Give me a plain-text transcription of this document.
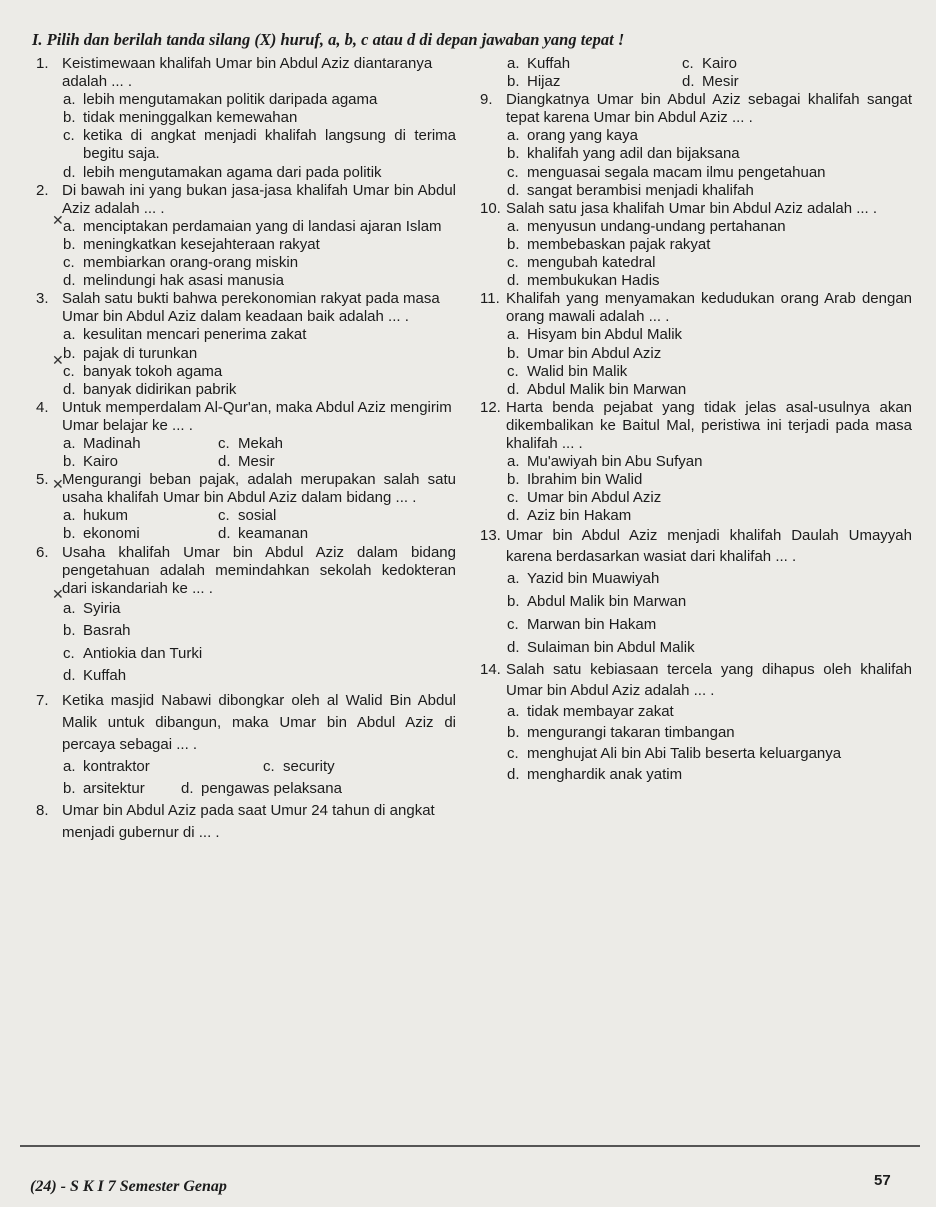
I. Pilih dan berilah tanda silang (X) huruf, a, b, c atau d di depan jawaban yang tepat !
1. Keistimewaan khalifah Umar bin Abdul Aziz diantaranya adalah ... .
a. lebih mengutamakan politik daripada agama
b. tidak meninggalkan kemewahan
c. ketika di angkat menjadi khalifah langsung di terima begitu saja.
d. lebih mengutamakan agama dari pada politik
2. Di bawah ini yang bukan jasa-jasa khalifah Umar bin Abdul Aziz adalah ... .
a. menciptakan perdamaian yang di landasi ajaran Islam
b. meningkatkan kesejahteraan rakyat
c. membiarkan orang-orang miskin
d. melindungi hak asasi manusia
3. Salah satu bukti bahwa perekonomian rakyat pada masa Umar bin Abdul Aziz dalam keadaan baik adalah ... .
a. kesulitan mencari penerima zakat
b. pajak di turunkan
c. banyak tokoh agama
d. banyak didirikan pabrik
4. Untuk memperdalam Al-Qur'an, maka Abdul Aziz mengirim Umar belajar ke ... .
a. Madinah	c. Mekah
b. Kairo	d. Mesir
5. Mengurangi beban pajak, adalah merupakan salah satu usaha khalifah Umar bin Abdul Aziz dalam bidang ... .
a. hukum	c. sosial
b. ekonomi	d. keamanan
6. Usaha khalifah Umar bin Abdul Aziz dalam bidang pengetahuan adalah memindahkan sekolah kedokteran dari iskandariah ke ... .
a. Syiria
b. Basrah
c. Antiokia dan Turki
d. Kuffah
7. Ketika masjid Nabawi dibongkar oleh al Walid Bin Abdul Malik untuk dibangun, maka Umar bin Abdul Aziz di percaya sebagai ... .
a. kontraktor	c. security
b. arsitektur	d. pengawas pelaksana
8. Umar bin Abdul Aziz pada saat Umur 24 tahun di angkat menjadi gubernur di ... .
a. Kuffah	c. Kairo
b. Hijaz	d. Mesir
9. Diangkatnya Umar bin Abdul Aziz sebagai khalifah sangat tepat karena Umar bin Abdul Aziz ... .
a. orang yang kaya
b. khalifah yang adil dan bijaksana
c. menguasai segala macam ilmu pengetahuan
d. sangat berambisi menjadi khalifah
10. Salah satu jasa khalifah Umar bin Abdul Aziz adalah ... .
a. menyusun undang-undang pertahanan
b. membebaskan pajak rakyat
c. mengubah katedral
d. membukukan Hadis
11. Khalifah yang menyamakan kedudukan orang Arab dengan orang mawali adalah ... .
a. Hisyam bin Abdul Malik
b. Umar bin Abdul Aziz
c. Walid bin Malik
d. Abdul Malik bin Marwan
12. Harta benda pejabat yang tidak jelas asal-usulnya akan dikembalikan ke Baitul Mal, peristiwa ini terjadi pada masa khalifah ... .
a. Mu'awiyah bin Abu Sufyan
b. Ibrahim bin Walid
c. Umar bin Abdul Aziz
d. Aziz bin Hakam
13. Umar bin Abdul Aziz menjadi khalifah Daulah Umayyah karena berdasarkan wasiat dari khalifah ... .
a. Yazid bin Muawiyah
b. Abdul Malik bin Marwan
c. Marwan bin Hakam
d. Sulaiman bin Abdul Malik
14. Salah satu kebiasaan tercela yang dihapus oleh khalifah Umar bin Abdul Aziz adalah ... .
a. tidak membayar zakat
b. mengurangi takaran timbangan
c. menghujat Ali bin Abi Talib beserta keluarganya
d. menghardik anak yatim
✕
✕
✕
✕
(24) - S K I 7 Semester Genap	57
